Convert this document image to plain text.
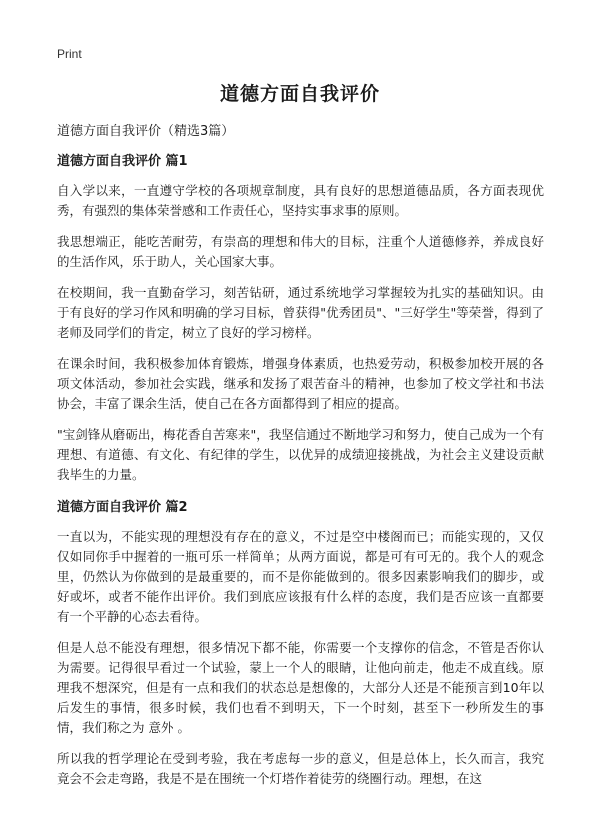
Print
道德方面自我评价
道德方面自我评价（精选3篇）
道德方面自我评价 篇1

自入学以来，一直遵守学校的各项规章制度，具有良好的思想道德品质，各方面表现优秀，有强烈的集体荣誉感和工作责任心，坚持实事求事的原则。

我思想端正，能吃苦耐劳，有崇高的理想和伟大的目标，注重个人道德修养，养成良好的生活作风，乐于助人，关心国家大事。

在校期间，我一直勤奋学习，刻苦钻研，通过系统地学习掌握较为扎实的基础知识。由于有良好的学习作风和明确的学习目标，曾获得"优秀团员"、"三好学生"等荣誉，得到了老师及同学们的肯定，树立了良好的学习榜样。

在课余时间，我积极参加体育锻炼，增强身体素质，也热爱劳动，积极参加校开展的各项文体活动，参加社会实践，继承和发扬了艰苦奋斗的精神，也参加了校文学社和书法协会，丰富了课余生活，使自己在各方面都得到了相应的提高。

"宝剑锋从磨砺出，梅花香自苦寒来"，我坚信通过不断地学习和努力，使自己成为一个有理想、有道德、有文化、有纪律的学生，以优异的成绩迎接挑战，为社会主义建设贡献我毕生的力量。

道德方面自我评价 篇2

一直以为，不能实现的理想没有存在的意义，不过是空中楼阁而已；而能实现的，又仅仅如同你手中握着的一瓶可乐一样简单；从两方面说，都是可有可无的。我个人的观念里，仍然认为你做到的是最重要的，而不是你能做到的。很多因素影响我们的脚步，或好或坏，或者不能作出评价。我们到底应该报有什么样的态度，我们是否应该一直都要有一个平静的心态去看待。

但是人总不能没有理想，很多情况下都不能，你需要一个支撑你的信念，不管是否你认为需要。记得很早看过一个试验，蒙上一个人的眼睛，让他向前走，他走不成直线。原理我不想深究，但是有一点和我们的状态总是想像的，大部分人还是不能预言到10年以后发生的事情，很多时候，我们也看不到明天，下一个时刻，甚至下一秒所发生的事情，我们称之为 意外 。

所以我的哲学理论在受到考验，我在考虑每一步的意义，但是总体上，长久而言，我究竟会不会走弯路，我是不是在围统一个灯塔作着徒劳的绕圈行动。理想，在这
